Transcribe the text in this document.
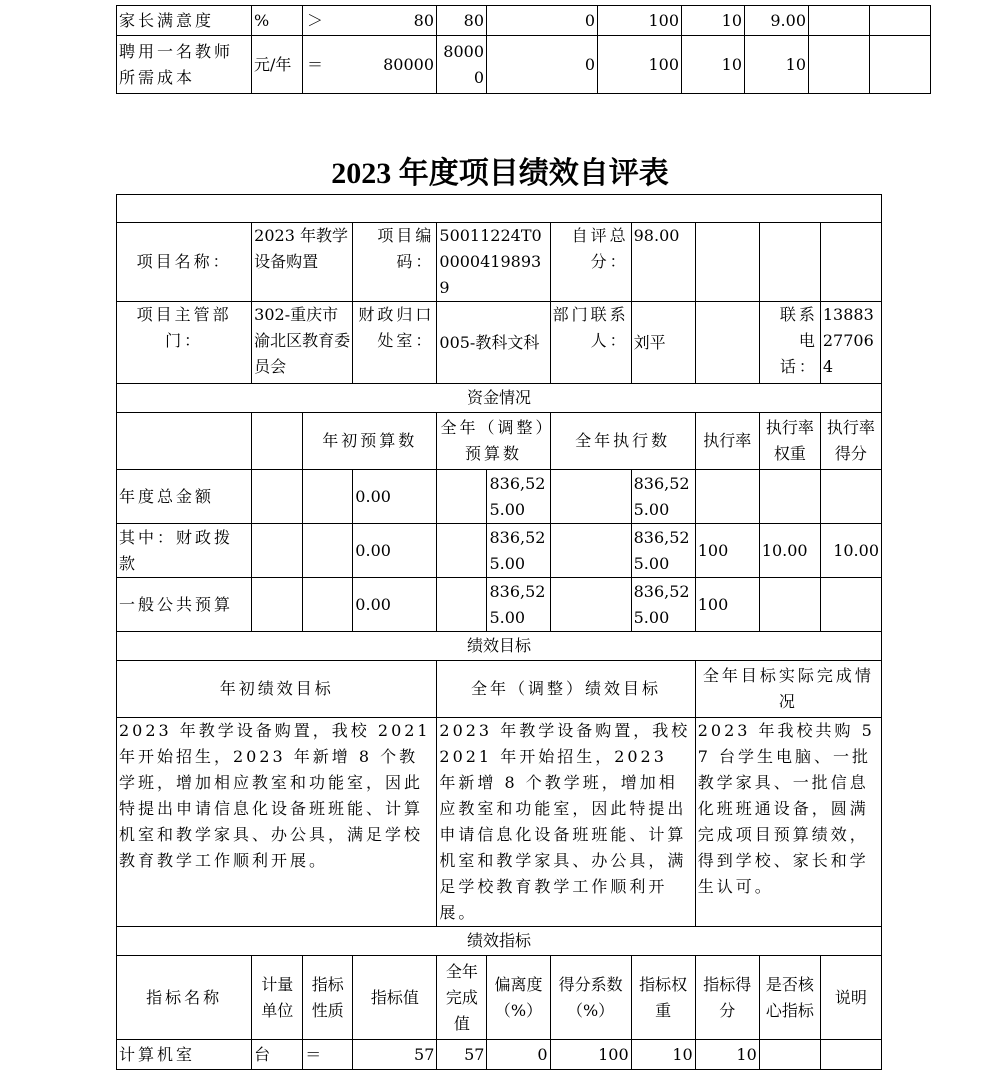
家长满意度	%	＞ 80	80	0	100	10	9.00		
聘用一名教师所需成本	元/年	＝ 80000	80000	0	100	10	10		
2023 年度项目绩效自评表

项目名称：	2023 年教学设备购置		项目编码：	50011224T000004198939		自评总分：	98.00			
项目主管部门：	302-重庆市渝北区教育委员会		财政归口处室：	005-教科文科		部门联系人：	刘平		联系电话：	13883277064
资金情况										
		年初预算数		全年（调整）预算数		全年执行数		执行率	执行率权重	执行率得分
年度总金额			0.00		836,525.00		836,525.00			
其中：财政拨款			0.00		836,525.00		836,525.00	100	10.00	10.00
一般公共预算			0.00		836,525.00		836,525.00	100		
绩效目标										
年初绩效目标				全年（调整）绩效目标				全年目标实际完成情况		
2023 年教学设备购置，我校 2021 年开始招生，2023 年新增 8 个教学班，增加相应教室和功能室，因此特提出申请信息化设备班班能、计算机室和教学家具、办公具，满足学校教育教学工作顺利开展。				2023 年教学设备购置，我校 2021 年开始招生，2023 年新增 8 个教学班，增加相应教室和功能室，因此特提出申请信息化设备班班能、计算机室和教学家具、办公具，满足学校教育教学工作顺利开展。				2023 年我校共购 57 台学生电脑、一批教学家具、一批信息化班班通设备，圆满完成项目预算绩效，得到学校、家长和学生认可。		
绩效指标										
指标名称	计量单位	指标性质	指标值	全年完成值	偏离度（%）	得分系数（%）	指标权重	指标得分	是否核心指标	说明
计算机室	台	＝	57	57	0	100	10	10		
